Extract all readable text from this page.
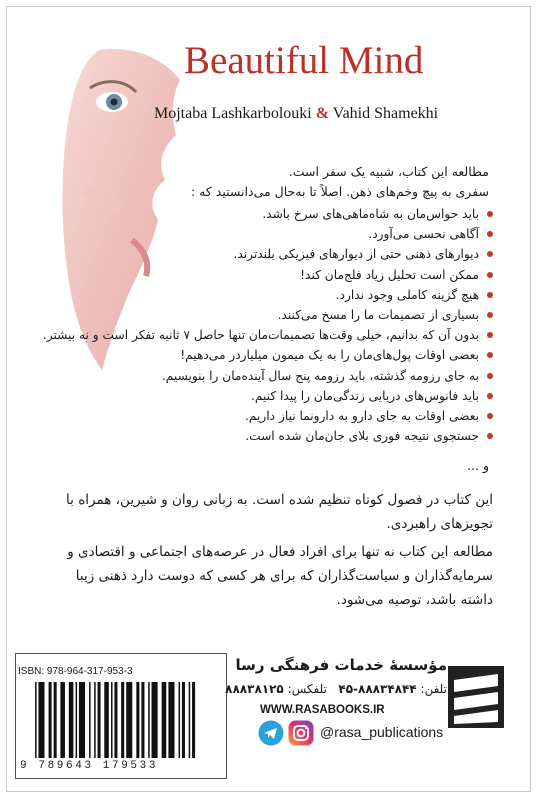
Beautiful Mind
Mojtaba Lashkarbolouki & Vahid Shamekhi
مطالعه این کتاب، شبیه یک سفر است.
سفری به پیچ وخم‌های ذهن. اصلاً تا به‌حال می‌دانستید که :
باید حواس‌مان به شاه‌ماهی‌های سرخ باشد.
آگاهی نحسی می‌آورد.
دیوارهای ذهنی حتی از دیوارهای فیزیکی بلندترند.
ممکن است تحلیل زیاد فلج‌مان کند!
هیچ گزینه کاملی وجود ندارد.
بسیاری از تصمیمات ما را مسخ می‌کنند.
بدون آن که بدانیم، خیلی وقت‌ها تصمیمات‌مان تنها حاصل ۷ ثانیه تفکر است و نه بیشتر.
بعضی اوقات پول‌های‌مان را به یک میمون میلیاردر می‌دهیم!
به جای رزومه گذشته، باید رزومه پنج سال آینده‌مان را بنویسیم.
باید فانوس‌های دریایی زندگی‌مان را پیدا کنیم.
بعضی اوقات به جای دارو به دارونما نیاز داریم.
جستجوی نتیجه فوری بلای جان‌مان شده است.
و ...
این کتاب در فصول کوتاه تنظیم شده است. به زبانی روان و شیرین، همراه با تجویزهای راهبردی.
مطالعه این کتاب نه تنها برای افراد فعال در عرصه‌های اجتماعی و اقتصادی و سرمایه‌گذاران و سیاست‌گذاران که برای هر کسی که دوست دارد ذهنی زیبا داشته باشد، توصیه می‌شود.
ISBN: 978-964-317-953-3
9 789643 179533
مؤسسهٔ خدمات فرهنگی رسا
تلفن: ۸۸۸۳۴۸۴۴-۴۵   تلفکس: ۸۸۸۳۸۱۲۵
WWW.RASABOOKS.IR
@rasa_publications
